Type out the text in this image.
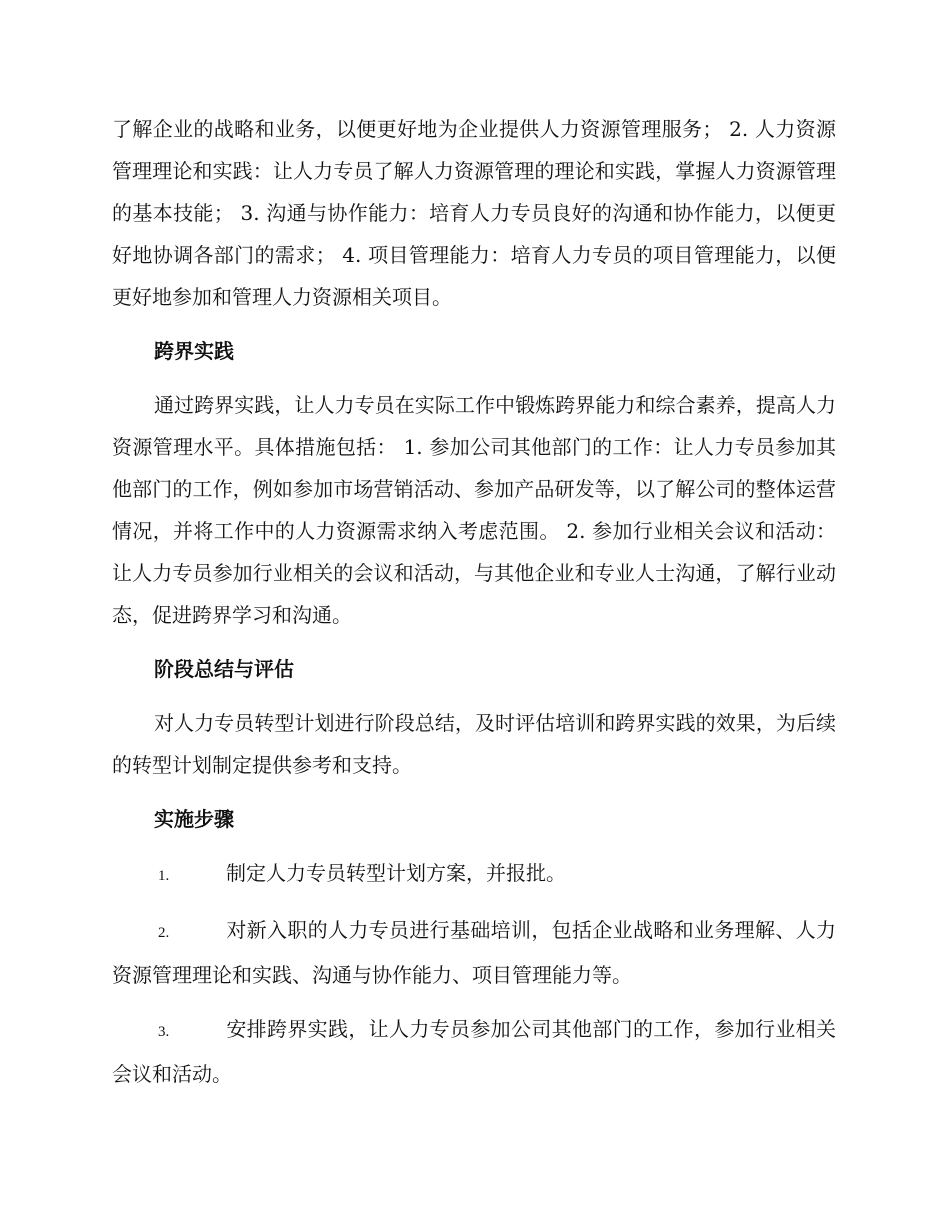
了解企业的战略和业务，以便更好地为企业提供人力资源管理服务； 2. 人力资源管理理论和实践：让人力专员了解人力资源管理的理论和实践，掌握人力资源管理的基本技能； 3. 沟通与协作能力：培育人力专员良好的沟通和协作能力，以便更好地协调各部门的需求； 4. 项目管理能力：培育人力专员的项目管理能力，以便更好地参加和管理人力资源相关项目。

跨界实践

通过跨界实践，让人力专员在实际工作中锻炼跨界能力和综合素养，提高人力资源管理水平。具体措施包括： 1. 参加公司其他部门的工作：让人力专员参加其他部门的工作，例如参加市场营销活动、参加产品研发等，以了解公司的整体运营情况，并将工作中的人力资源需求纳入考虑范围。 2. 参加行业相关会议和活动：让人力专员参加行业相关的会议和活动，与其他企业和专业人士沟通，了解行业动态，促进跨界学习和沟通。

阶段总结与评估

对人力专员转型计划进行阶段总结，及时评估培训和跨界实践的效果，为后续的转型计划制定提供参考和支持。

实施步骤

1.	制定人力专员转型计划方案，并报批。

2.	对新入职的人力专员进行基础培训，包括企业战略和业务理解、人力资源管理理论和实践、沟通与协作能力、项目管理能力等。

3.	安排跨界实践，让人力专员参加公司其他部门的工作，参加行业相关会议和活动。
